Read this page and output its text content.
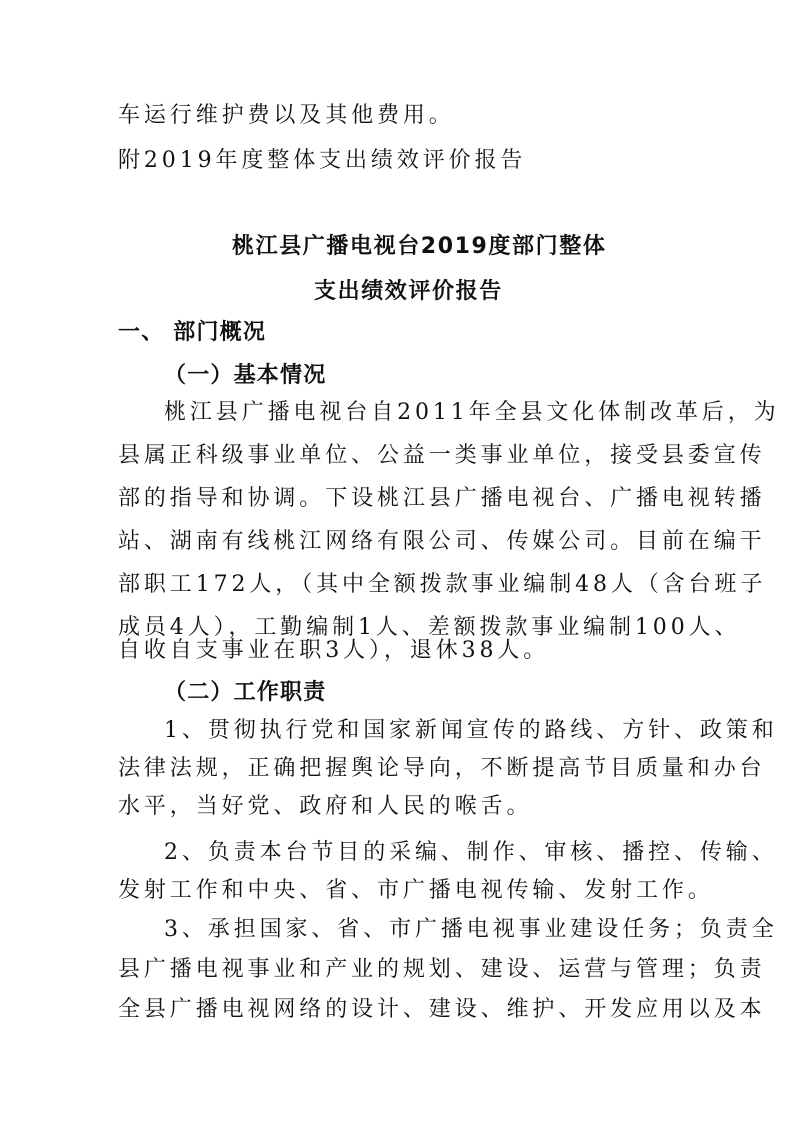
车运行维护费以及其他费用。
附2019年度整体支出绩效评价报告
桃江县广播电视台2019度部门整体
支出绩效评价报告
一、 部门概况
（一）基本情况
桃江县广播电视台自2011年全县文化体制改革后，为
县属正科级事业单位、公益一类事业单位，接受县委宣传
部的指导和协调。下设桃江县广播电视台、广播电视转播
站、湖南有线桃江网络有限公司、传媒公司。目前在编干
部职工172人，（其中全额拨款事业编制48人（含台班子
成员4人），工勤编制1人、差额拨款事业编制100人、
自收自支事业在职3人），退休38人。
（二）工作职责
1、贯彻执行党和国家新闻宣传的路线、方针、政策和
法律法规，正确把握舆论导向，不断提高节目质量和办台
水平，当好党、政府和人民的喉舌。
2、负责本台节目的采编、制作、审核、播控、传输、
发射工作和中央、省、市广播电视传输、发射工作。
3、承担国家、省、市广播电视事业建设任务；负责全
县广播电视事业和产业的规划、建设、运营与管理；负责
全县广播电视网络的设计、建设、维护、开发应用以及本
